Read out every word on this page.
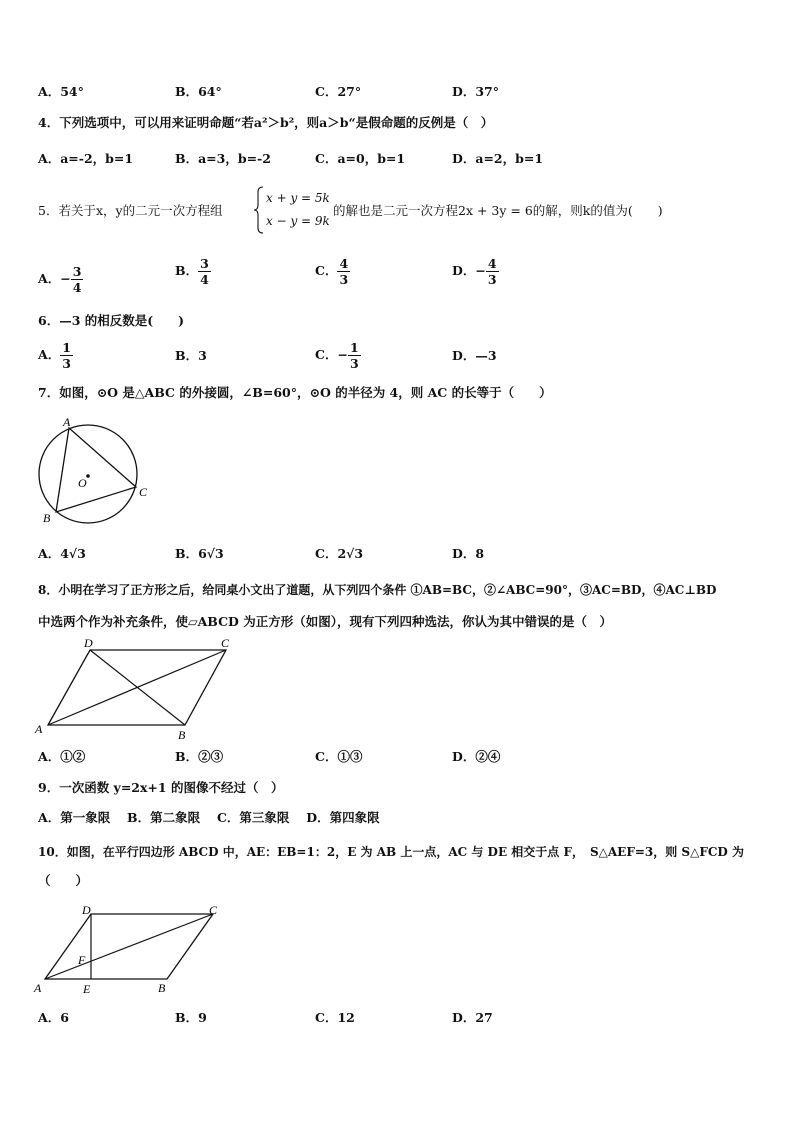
A．54°	B．64°	C．27°	D．37°
4．下列选项中，可以用来证明命题“若a²＞b²，则a＞b“是假命题的反例是（　）
A．a=-2，b=1	B．a=3，b=-2	C．a=0，b=1	D．a=2，b=1
5．若关于x，y的二元一次方程组
x + y = 5k
x − y = 9k
的解也是二元一次方程2x + 3y = 6的解，则k的值为(　　)
A．− $\frac{3}{4}$	B． $\frac{3}{4}$	C． $\frac{4}{3}$	D．− $\frac{4}{3}$
6．—3 的相反数是(　　)
A． $\frac{1}{3}$	B．3	C．− $\frac{1}{3}$	D．—3
7．如图，⊙O 是△ABC 的外接圆，∠B=60°，⊙O 的半径为 4，则 AC 的长等于（　　）
A
B
C
O
A．4√3	B．6√3	C．2√3	D．8
8．小明在学习了正方形之后，给同桌小文出了道题，从下列四个条件 ①AB=BC，②∠ABC=90°，③AC=BD，④AC⊥BD
中选两个作为补充条件，使▱ABCD 为正方形（如图），现有下列四种选法，你认为其中错误的是（　）
A	B
C
D
A．①②	B．②③	C．①③	D．②④
9．一次函数 y=2x+1 的图像不经过（　）
A．第一象限　 B．第二象限　 C．第三象限　 D．第四象限
10．如图，在平行四边形 ABCD 中，AE：EB=1：2，E 为 AB 上一点，AC 与 DE 相交于点 F，　S△AEF=3，则 S△FCD 为
（　　）
A	B
C
D
E
F
A．6	B．9	C．12	D．27
